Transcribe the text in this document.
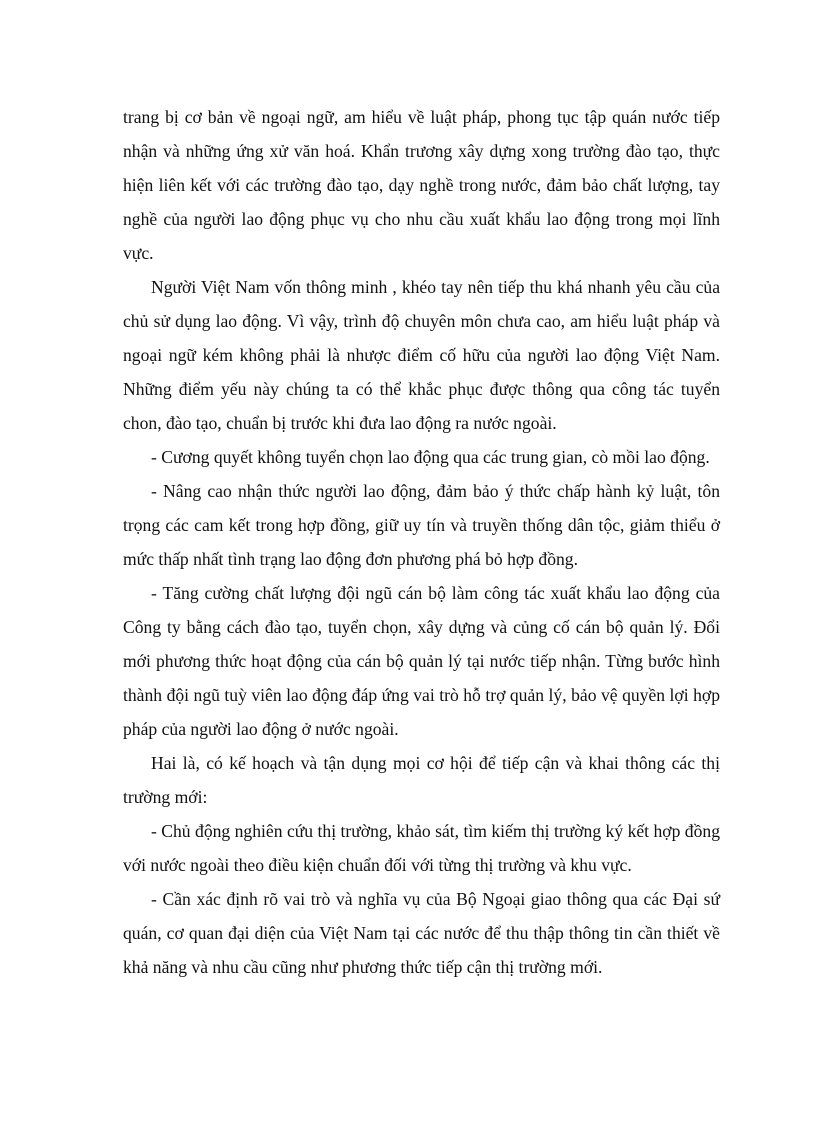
trang bị cơ bản về ngoại ngữ, am hiểu về luật pháp, phong tục tập quán nước tiếp nhận và những ứng xử văn hoá. Khẩn trương xây dựng xong trường đào tạo, thực hiện liên kết với các trường đào tạo, dạy nghề trong nước, đảm bảo chất lượng, tay nghề của người lao động phục vụ cho nhu cầu xuất khẩu lao động trong mọi lĩnh vực.

Người Việt Nam vốn thông minh , khéo tay nên tiếp thu khá nhanh yêu cầu của chủ sử dụng lao động. Vì vậy, trình độ chuyên môn chưa cao, am hiểu luật pháp và ngoại ngữ kém không phải là nhược điểm cố hữu của người lao động Việt Nam. Những điểm yếu này chúng ta có thể khắc phục được thông qua công tác tuyển chon, đào tạo, chuẩn bị trước khi đưa lao động ra nước ngoài.

- Cương quyết không tuyển chọn lao động qua các trung gian, cò mồi lao động.

- Nâng cao nhận thức người lao động, đảm bảo ý thức chấp hành kỷ luật, tôn trọng các cam kết trong hợp đồng, giữ uy tín và truyền thống dân tộc, giảm thiểu ở mức thấp nhất tình trạng lao động đơn phương phá bỏ hợp đồng.

- Tăng cường chất lượng đội ngũ cán bộ làm công tác xuất khẩu lao động của Công ty bằng cách đào tạo, tuyển chọn, xây dựng và củng cố cán bộ quản lý. Đổi mới phương thức hoạt động của cán bộ quản lý tại nước tiếp nhận. Từng bước hình thành đội ngũ tuỳ viên lao động đáp ứng vai trò hỗ trợ quản lý, bảo vệ quyền lợi hợp pháp của người lao động ở nước ngoài.

Hai là, có kế hoạch và tận dụng mọi cơ hội để tiếp cận và khai thông các thị trường mới:

- Chủ động nghiên cứu thị trường, khảo sát, tìm kiếm thị trường ký kết hợp đồng với nước ngoài theo điều kiện chuẩn đối với từng thị trường và khu vực.

- Cần xác định rõ vai trò và nghĩa vụ của Bộ Ngoại giao thông qua các Đại sứ quán, cơ quan đại diện của Việt Nam tại các nước để thu thập thông tin cần thiết về khả năng và nhu cầu cũng như phương thức tiếp cận thị trường mới.
